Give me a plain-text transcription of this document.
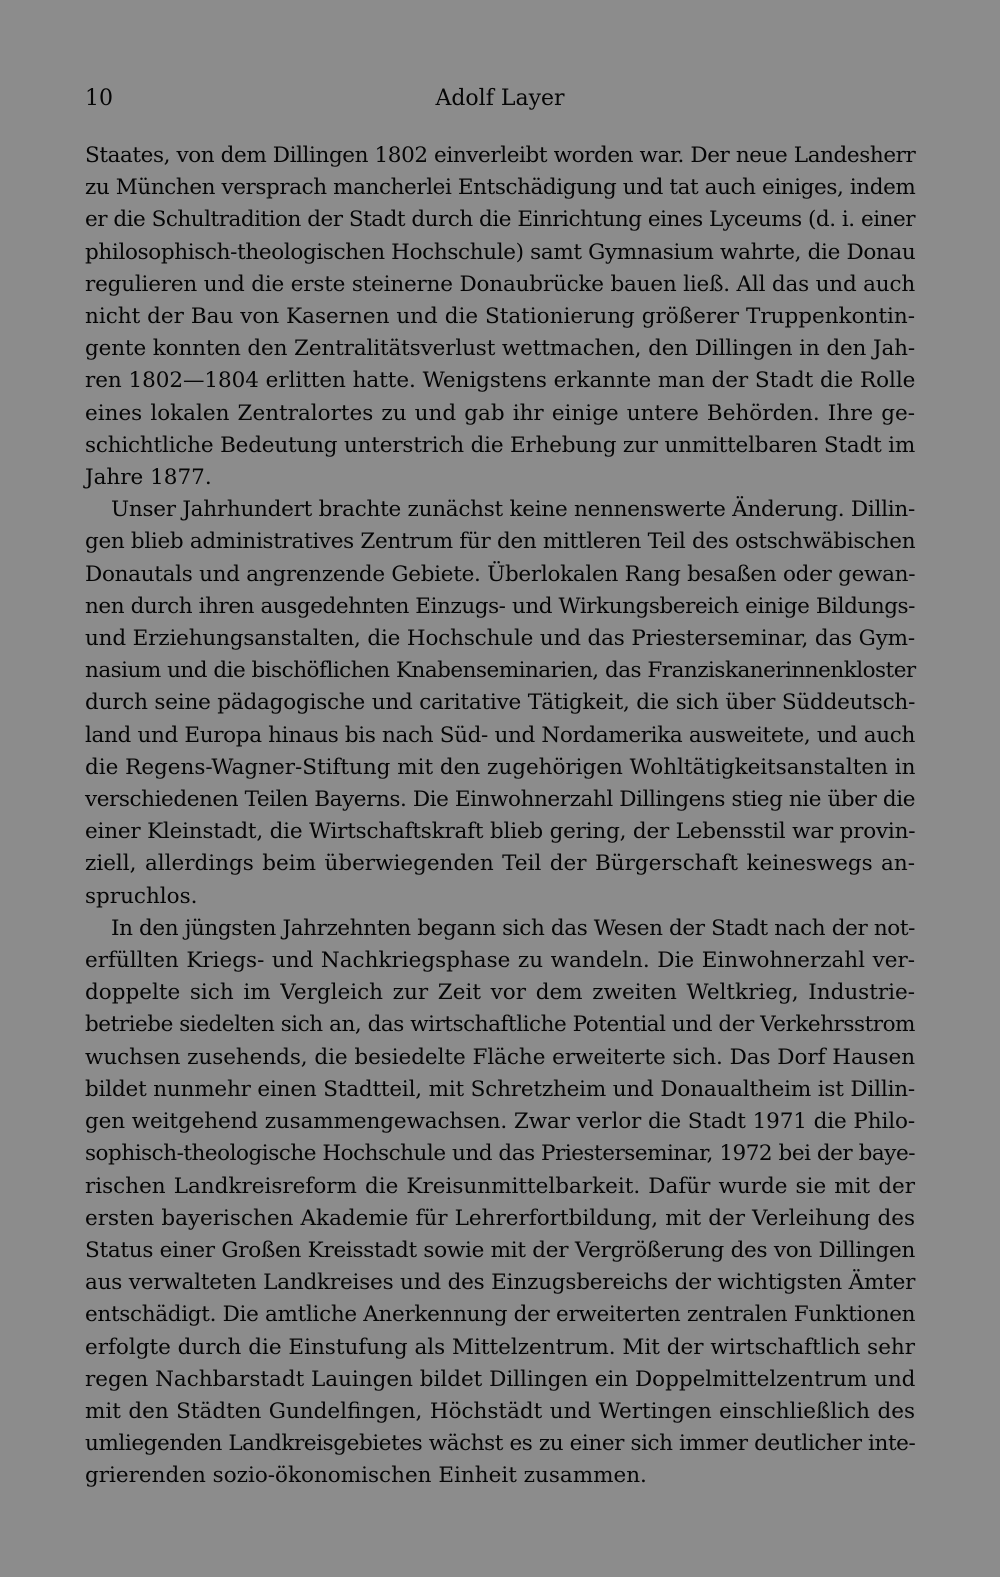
10	Adolf Layer
Staates, von dem Dillingen 1802 einverleibt worden war. Der neue Landesherr
zu München versprach mancherlei Entschädigung und tat auch einiges, indem
er die Schultradition der Stadt durch die Einrichtung eines Lyceums (d. i. einer
philosophisch-theologischen Hochschule) samt Gymnasium wahrte, die Donau
regulieren und die erste steinerne Donaubrücke bauen ließ. All das und auch
nicht der Bau von Kasernen und die Stationierung größerer Truppenkontin-
gente konnten den Zentralitätsverlust wettmachen, den Dillingen in den Jah-
ren 1802—1804 erlitten hatte. Wenigstens erkannte man der Stadt die Rolle
eines lokalen Zentralortes zu und gab ihr einige untere Behörden. Ihre ge-
schichtliche Bedeutung unterstrich die Erhebung zur unmittelbaren Stadt im
Jahre 1877.
Unser Jahrhundert brachte zunächst keine nennenswerte Änderung. Dillin-
gen blieb administratives Zentrum für den mittleren Teil des ostschwäbischen
Donautals und angrenzende Gebiete. Überlokalen Rang besaßen oder gewan-
nen durch ihren ausgedehnten Einzugs- und Wirkungsbereich einige Bildungs-
und Erziehungsanstalten, die Hochschule und das Priesterseminar, das Gym-
nasium und die bischöflichen Knabenseminarien, das Franziskanerinnenkloster
durch seine pädagogische und caritative Tätigkeit, die sich über Süddeutsch-
land und Europa hinaus bis nach Süd- und Nordamerika ausweitete, und auch
die Regens-Wagner-Stiftung mit den zugehörigen Wohltätigkeitsanstalten in
verschiedenen Teilen Bayerns. Die Einwohnerzahl Dillingens stieg nie über die
einer Kleinstadt, die Wirtschaftskraft blieb gering, der Lebensstil war provin-
ziell, allerdings beim überwiegenden Teil der Bürgerschaft keineswegs an-
spruchlos.
In den jüngsten Jahrzehnten begann sich das Wesen der Stadt nach der not-
erfüllten Kriegs- und Nachkriegsphase zu wandeln. Die Einwohnerzahl ver-
doppelte sich im Vergleich zur Zeit vor dem zweiten Weltkrieg, Industrie-
betriebe siedelten sich an, das wirtschaftliche Potential und der Verkehrsstrom
wuchsen zusehends, die besiedelte Fläche erweiterte sich. Das Dorf Hausen
bildet nunmehr einen Stadtteil, mit Schretzheim und Donaualtheim ist Dillin-
gen weitgehend zusammengewachsen. Zwar verlor die Stadt 1971 die Philo-
sophisch-theologische Hochschule und das Priesterseminar, 1972 bei der baye-
rischen Landkreisreform die Kreisunmittelbarkeit. Dafür wurde sie mit der
ersten bayerischen Akademie für Lehrerfortbildung, mit der Verleihung des
Status einer Großen Kreisstadt sowie mit der Vergrößerung des von Dillingen
aus verwalteten Landkreises und des Einzugsbereichs der wichtigsten Ämter
entschädigt. Die amtliche Anerkennung der erweiterten zentralen Funktionen
erfolgte durch die Einstufung als Mittelzentrum. Mit der wirtschaftlich sehr
regen Nachbarstadt Lauingen bildet Dillingen ein Doppelmittelzentrum und
mit den Städten Gundelfingen, Höchstädt und Wertingen einschließlich des
umliegenden Landkreisgebietes wächst es zu einer sich immer deutlicher inte-
grierenden sozio-ökonomischen Einheit zusammen.
